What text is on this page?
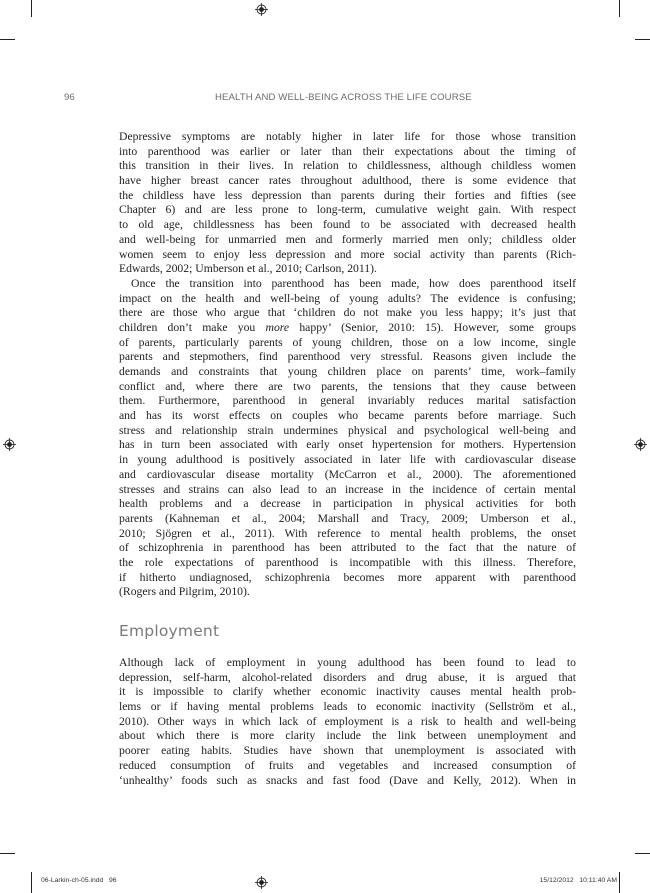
96	HEALTH AND WELL-BEING ACROSS THE LIFE COURSE

Depressive symptoms are notably higher in later life for those whose transition
into parenthood was earlier or later than their expectations about the timing of
this transition in their lives. In relation to childlessness, although childless women
have higher breast cancer rates throughout adulthood, there is some evidence that
the childless have less depression than parents during their forties and fifties (see
Chapter 6) and are less prone to long-term, cumulative weight gain. With respect
to old age, childlessness has been found to be associated with decreased health
and well-being for unmarried men and formerly married men only; childless older
women seem to enjoy less depression and more social activity than parents (Rich-
Edwards, 2002; Umberson et al., 2010; Carlson, 2011).

Once the transition into parenthood has been made, how does parenthood itself
impact on the health and well-being of young adults? The evidence is confusing;
there are those who argue that ‘children do not make you less happy; it’s just that
children don’t make you more happy’ (Senior, 2010: 15). However, some groups
of parents, particularly parents of young children, those on a low income, single
parents and stepmothers, find parenthood very stressful. Reasons given include the
demands and constraints that young children place on parents’ time, work–family
conflict and, where there are two parents, the tensions that they cause between
them. Furthermore, parenthood in general invariably reduces marital satisfaction
and has its worst effects on couples who became parents before marriage. Such
stress and relationship strain undermines physical and psychological well-being and
has in turn been associated with early onset hypertension for mothers. Hypertension
in young adulthood is positively associated in later life with cardiovascular disease
and cardiovascular disease mortality (McCarron et al., 2000). The aforementioned
stresses and strains can also lead to an increase in the incidence of certain mental
health problems and a decrease in participation in physical activities for both
parents (Kahneman et al., 2004; Marshall and Tracy, 2009; Umberson et al.,
2010; Sjögren et al., 2011). With reference to mental health problems, the onset
of schizophrenia in parenthood has been attributed to the fact that the nature of
the role expectations of parenthood is incompatible with this illness. Therefore,
if hitherto undiagnosed, schizophrenia becomes more apparent with parenthood
(Rogers and Pilgrim, 2010).

Employment

Although lack of employment in young adulthood has been found to lead to
depression, self-harm, alcohol-related disorders and drug abuse, it is argued that
it is impossible to clarify whether economic inactivity causes mental health prob-
lems or if having mental problems leads to economic inactivity (Sellström et al.,
2010). Other ways in which lack of employment is a risk to health and well-being
about which there is more clarity include the link between unemployment and
poorer eating habits. Studies have shown that unemployment is associated with
reduced consumption of fruits and vegetables and increased consumption of
‘unhealthy’ foods such as snacks and fast food (Dave and Kelly, 2012). When in

06-Larkin-ch-05.indd   96	15/12/2012   10:11:40 AM
